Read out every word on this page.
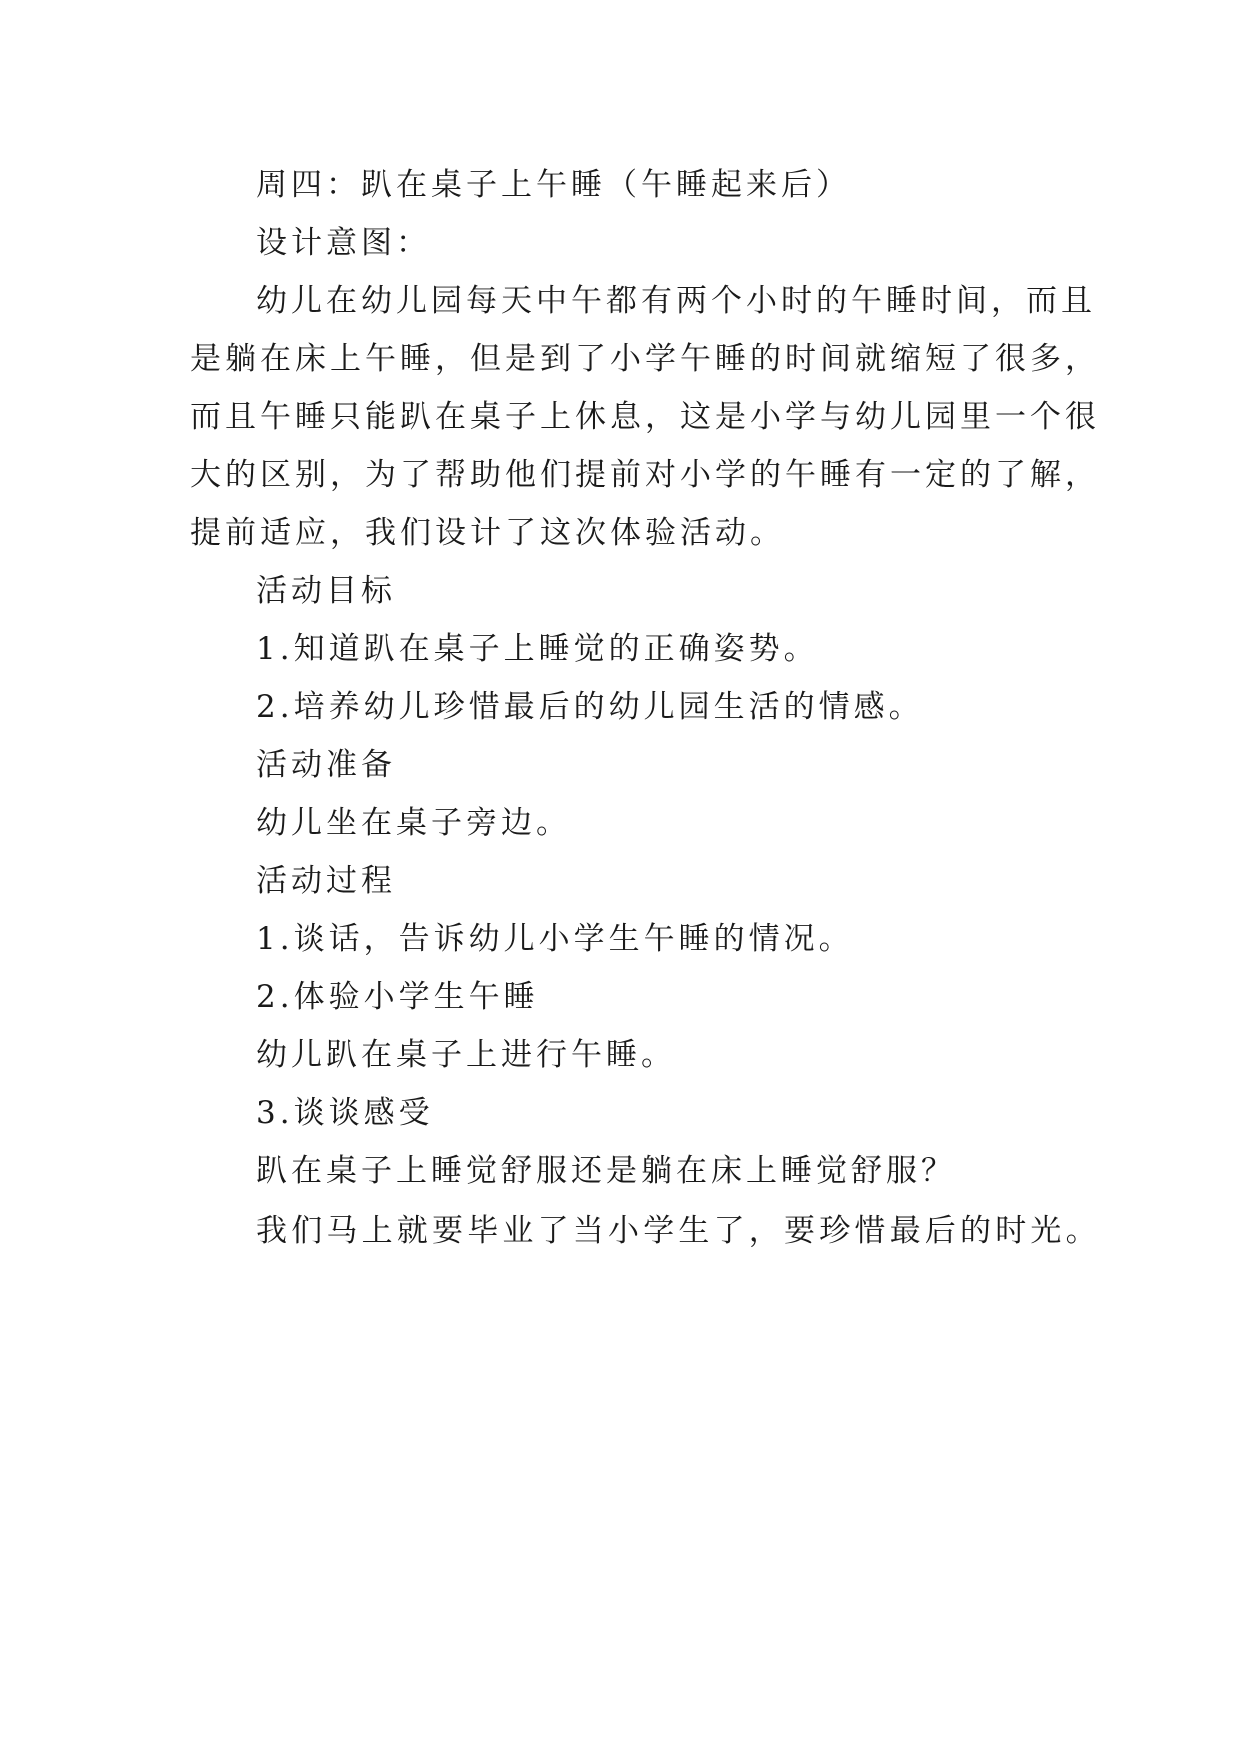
周四：趴在桌子上午睡（午睡起来后）
设计意图：
幼儿在幼儿园每天中午都有两个小时的午睡时间，而且
是躺在床上午睡，但是到了小学午睡的时间就缩短了很多，
而且午睡只能趴在桌子上休息，这是小学与幼儿园里一个很
大的区别，为了帮助他们提前对小学的午睡有一定的了解，
提前适应，我们设计了这次体验活动。
活动目标
1.知道趴在桌子上睡觉的正确姿势。
2.培养幼儿珍惜最后的幼儿园生活的情感。
活动准备
幼儿坐在桌子旁边。
活动过程
1.谈话，告诉幼儿小学生午睡的情况。
2.体验小学生午睡
幼儿趴在桌子上进行午睡。
3.谈谈感受
趴在桌子上睡觉舒服还是躺在床上睡觉舒服？
我们马上就要毕业了当小学生了，要珍惜最后的时光。
